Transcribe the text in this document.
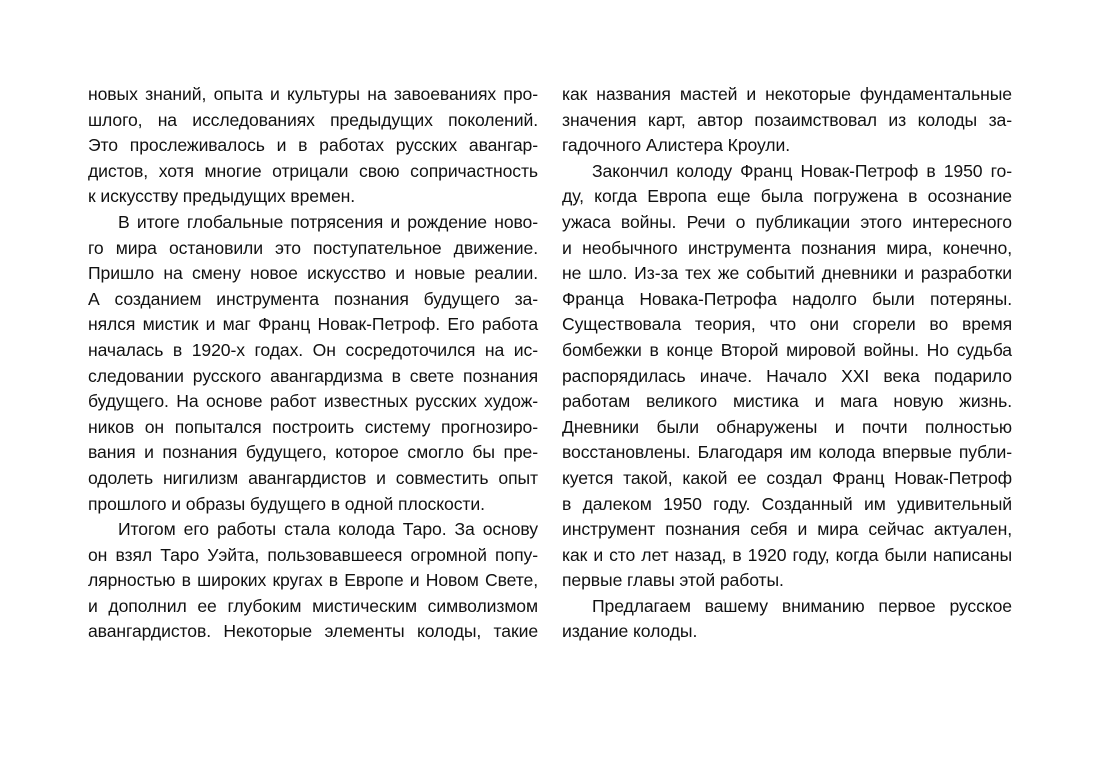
новых знаний, опыта и культуры на завоеваниях про-
шлого, на исследованиях предыдущих поколений.
Это прослеживалось и в работах русских авангар-
дистов, хотя многие отрицали свою сопричастность
к искусству предыдущих времен.
В итоге глобальные потрясения и рождение ново-
го мира остановили это поступательное движение.
Пришло на смену новое искусство и новые реалии.
А созданием инструмента познания будущего за-
нялся мистик и маг Франц Новак-Петроф. Его работа
началась в 1920-х годах. Он сосредоточился на ис-
следовании русского авангардизма в свете познания
будущего. На основе работ известных русских худож-
ников он попытался построить систему прогнозиро-
вания и познания будущего, которое смогло бы пре-
одолеть нигилизм авангардистов и совместить опыт
прошлого и образы будущего в одной плоскости.
Итогом его работы стала колода Таро. За основу
он взял Таро Уэйта, пользовавшееся огромной попу-
лярностью в широких кругах в Европе и Новом Свете,
и дополнил ее глубоким мистическим символизмом
авангардистов. Некоторые элементы колоды, такие
как названия мастей и некоторые фундаментальные
значения карт, автор позаимствовал из колоды за-
гадочного Алистера Кроули.
Закончил колоду Франц Новак-Петроф в 1950 го-
ду, когда Европа еще была погружена в осознание
ужаса войны. Речи о публикации этого интересного
и необычного инструмента познания мира, конечно,
не шло. Из-за тех же событий дневники и разработки
Франца Новака-Петрофа надолго были потеряны.
Существовала теория, что они сгорели во время
бомбежки в конце Второй мировой войны. Но судьба
распорядилась иначе. Начало XXI века подарило
работам великого мистика и мага новую жизнь.
Дневники были обнаружены и почти полностью
восстановлены. Благодаря им колода впервые публи-
куется такой, какой ее создал Франц Новак-Петроф
в далеком 1950 году. Созданный им удивительный
инструмент познания себя и мира сейчас актуален,
как и сто лет назад, в 1920 году, когда были написаны
первые главы этой работы.
Предлагаем вашему вниманию первое русское
издание колоды.
